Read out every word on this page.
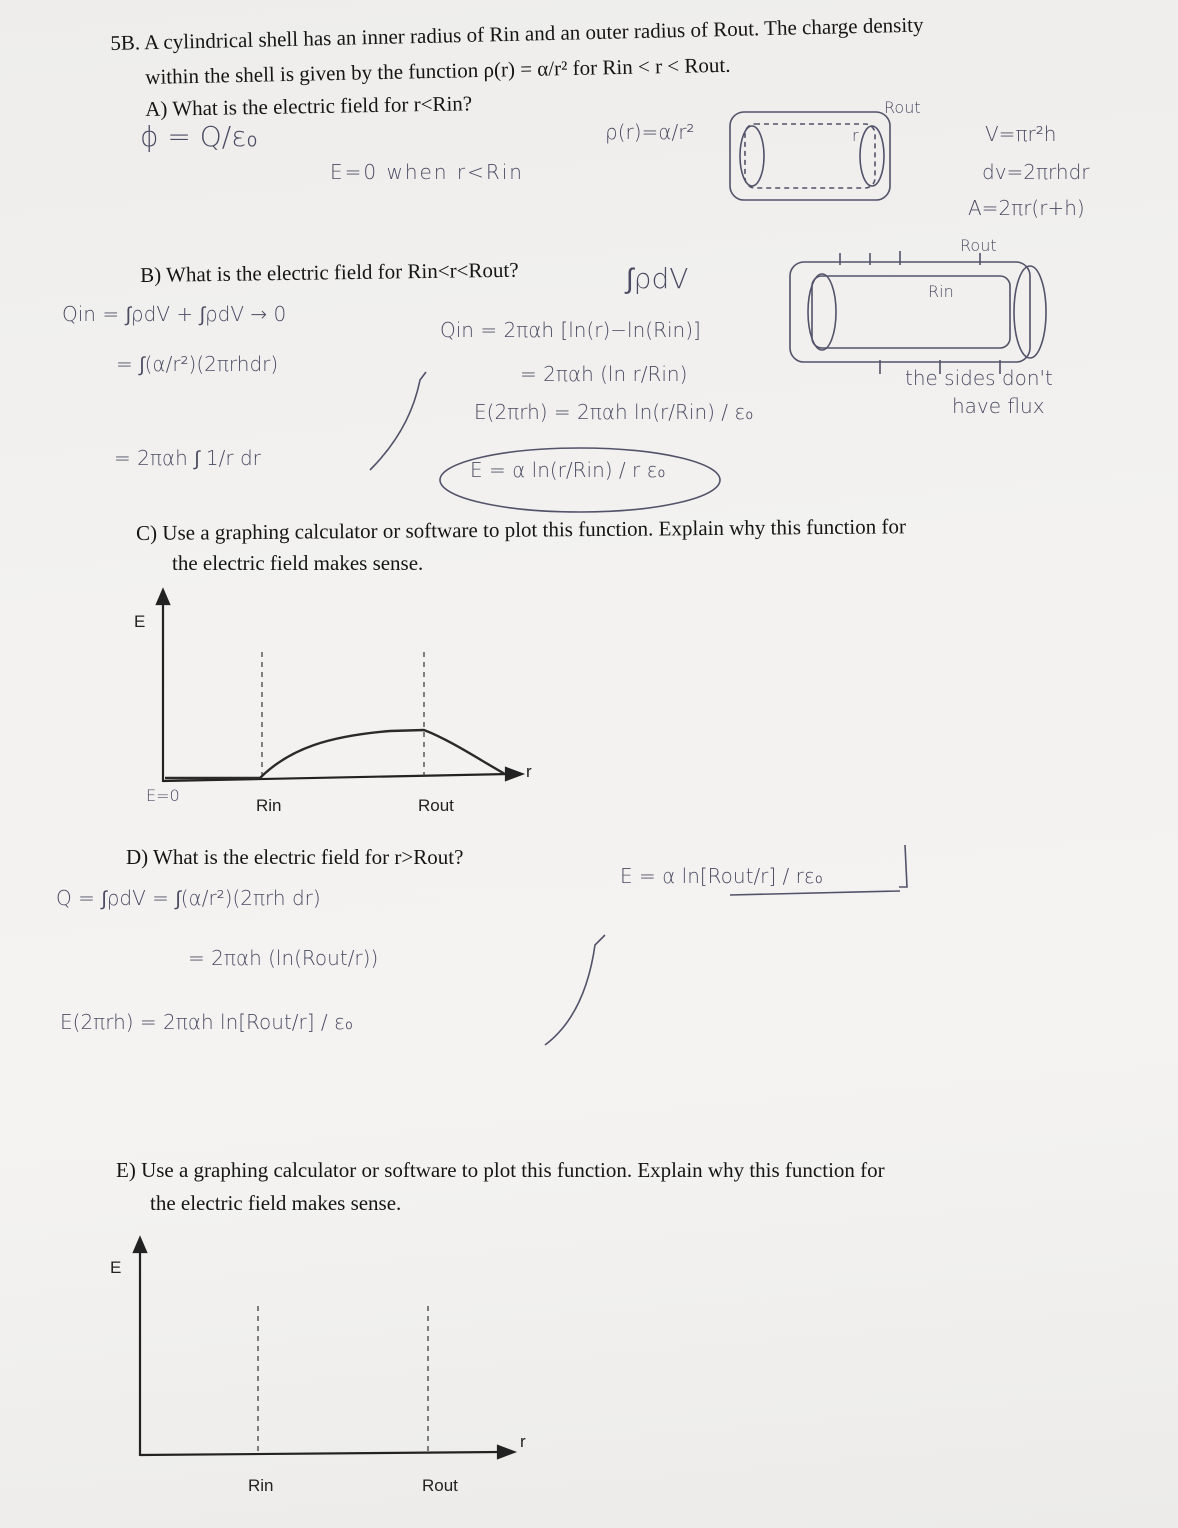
5B. A cylindrical shell has an inner radius of Rin and an outer radius of Rout. The charge density
within the shell is given by the function ρ(r) = α/r² for Rin < r < Rout.
A) What is the electric field for r<Rin?
B) What is the electric field for Rin<r<Rout?
C) Use a graphing calculator or software to plot this function. Explain why this function for
the electric field makes sense.
D) What is the electric field for r>Rout?
E) Use a graphing calculator or software to plot this function. Explain why this function for
the electric field makes sense.
ϕ = Q/ε₀
E=0 when r<Rin
ρ(r)=α/r²
Rout
r	V=πr²h
dv=2πrhdr
A=2πr(r+h)
Qin = ∫ρdV + ∫ρdV → 0
= ∫(α/r²)(2πrhdr)
= 2παh ∫ 1/r dr
∫ρdV
Qin = 2παh [ln(r)−ln(Rin)]
= 2παh (ln r/Rin)
E(2πrh) = 2παh ln(r/Rin) / ε₀
E = α ln(r/Rin) / r ε₀
Rout
Rin
the sides don't
have flux
Q = ∫ρdV = ∫(α/r²)(2πrh dr)
= 2παh (ln(Rout/r))
E(2πrh) = 2παh ln[Rout/r] / ε₀
E = α ln[Rout/r] / rε₀
E
r
Rin	Rout
E=0
E
r
Rin	Rout
